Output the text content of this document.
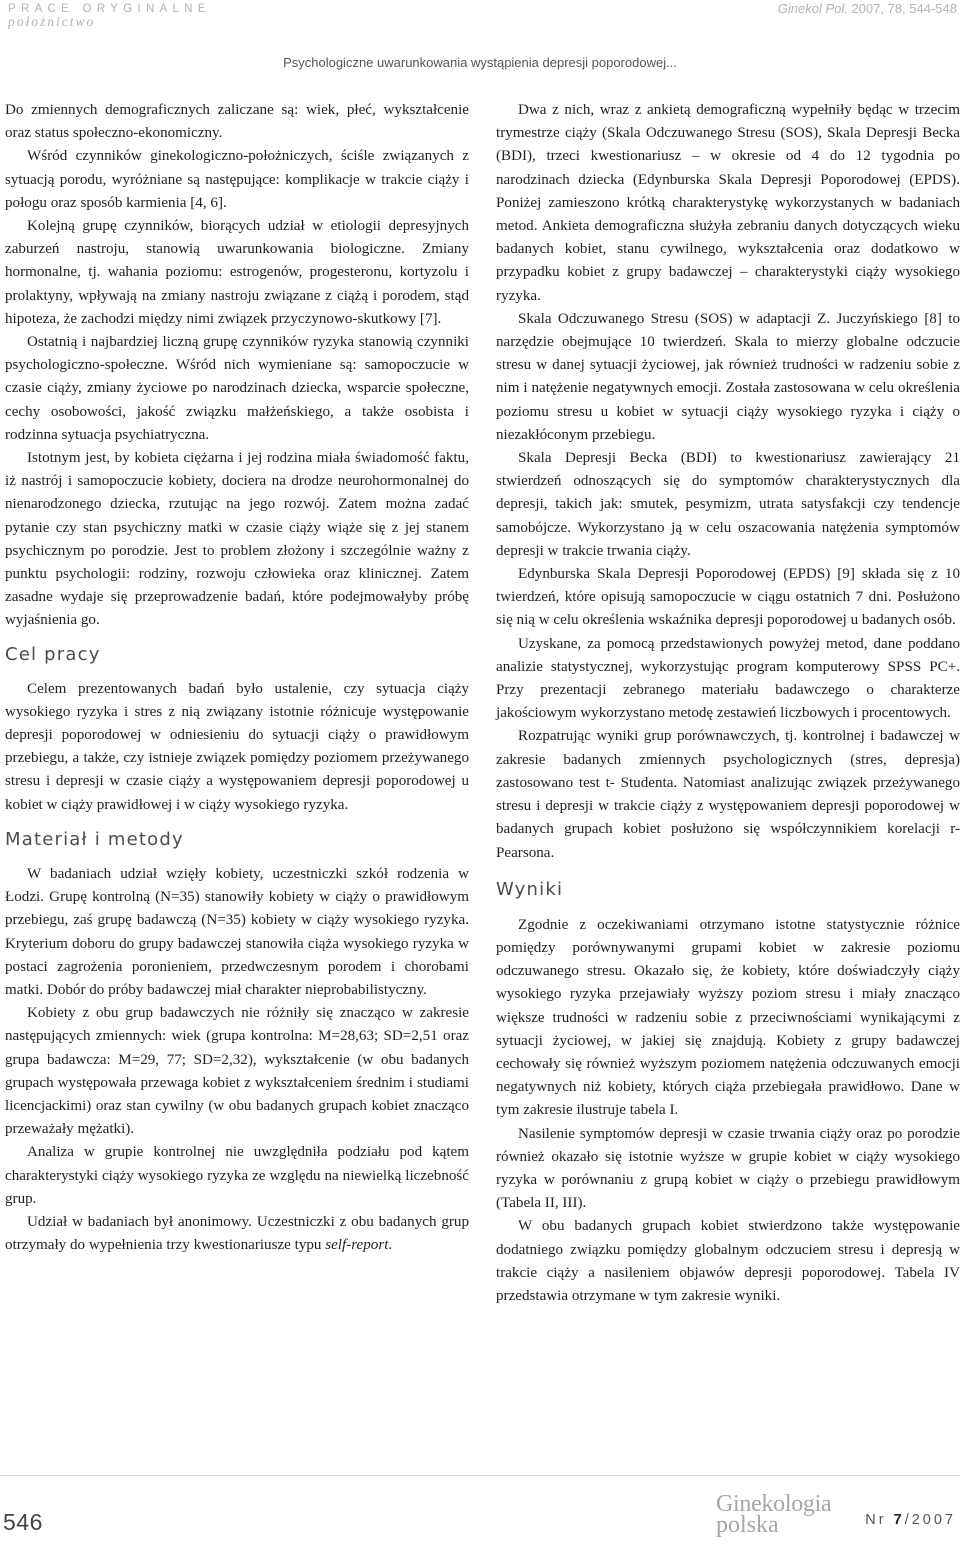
PRACE ORYGINALNE

położnictwo

Ginekol Pol. 2007, 78, 544-548

Psychologiczne uwarunkowania wystąpienia depresji poporodowej...

Do zmiennych demograficznych zaliczane są: wiek, płeć, wykształcenie oraz status społeczno-ekonomiczny.

Wśród czynników ginekologiczno-położniczych, ściśle związanych z sytuacją porodu, wyróżniane są następujące: komplikacje w trakcie ciąży i połogu oraz sposób karmienia [4, 6].

Kolejną grupę czynników, biorących udział w etiologii depresyjnych zaburzeń nastroju, stanowią uwarunkowania biologiczne. Zmiany hormonalne, tj. wahania poziomu: estrogenów, progesteronu, kortyzolu i prolaktyny, wpływają na zmiany nastroju związane z ciążą i porodem, stąd hipoteza, że zachodzi między nimi związek przyczynowo-skutkowy [7].

Ostatnią i najbardziej liczną grupę czynników ryzyka stanowią czynniki psychologiczno-społeczne. Wśród nich wymieniane są: samopoczucie w czasie ciąży, zmiany życiowe po narodzinach dziecka, wsparcie społeczne, cechy osobowości, jakość związku małżeńskiego, a także osobista i rodzinna sytuacja psychiatryczna.

Istotnym jest, by kobieta ciężarna i jej rodzina miała świadomość faktu, iż nastrój i samopoczucie kobiety, dociera na drodze neurohormonalnej do nienarodzonego dziecka, rzutując na jego rozwój. Zatem można zadać pytanie czy stan psychiczny matki w czasie ciąży wiąże się z jej stanem psychicznym po porodzie. Jest to problem złożony i szczególnie ważny z punktu psychologii: rodziny, rozwoju człowieka oraz klinicznej. Zatem zasadne wydaje się przeprowadzenie badań, które podejmowałyby próbę wyjaśnienia go.

Cel pracy

Celem prezentowanych badań było ustalenie, czy sytuacja ciąży wysokiego ryzyka i stres z nią związany istotnie różnicuje występowanie depresji poporodowej w odniesieniu do sytuacji ciąży o prawidłowym przebiegu, a także, czy istnieje związek pomiędzy poziomem przeżywanego stresu i depresji w czasie ciąży a występowaniem depresji poporodowej u kobiet w ciąży prawidłowej i w ciąży wysokiego ryzyka.

Materiał i metody

W badaniach udział wzięły kobiety, uczestniczki szkół rodzenia w Łodzi. Grupę kontrolną (N=35) stanowiły kobiety w ciąży o prawidłowym przebiegu, zaś grupę badawczą (N=35) kobiety w ciąży wysokiego ryzyka. Kryterium doboru do grupy badawczej stanowiła ciąża wysokiego ryzyka w postaci zagrożenia poronieniem, przedwczesnym porodem i chorobami matki. Dobór do próby badawczej miał charakter nieprobabilistyczny.

Kobiety z obu grup badawczych nie różniły się znacząco w zakresie następujących zmiennych: wiek (grupa kontrolna: M=28,63; SD=2,51 oraz grupa badawcza: M=29, 77; SD=2,32), wykształcenie (w obu badanych grupach występowała przewaga kobiet z wykształceniem średnim i studiami licencjackimi) oraz stan cywilny (w obu badanych grupach kobiet znacząco przeważały mężatki).

Analiza w grupie kontrolnej nie uwzględniła podziału pod kątem charakterystyki ciąży wysokiego ryzyka ze względu na niewielką liczebność grup.

Udział w badaniach był anonimowy. Uczestniczki z obu badanych grup otrzymały do wypełnienia trzy kwestionariusze typu self-report.

Dwa z nich, wraz z ankietą demograficzną wypełniły będąc w trzecim trymestrze ciąży (Skala Odczuwanego Stresu (SOS), Skala Depresji Becka (BDI), trzeci kwestionariusz – w okresie od 4 do 12 tygodnia po narodzinach dziecka (Edynburska Skala Depresji Poporodowej (EPDS). Poniżej zamieszono krótką charakterystykę wykorzystanych w badaniach metod. Ankieta demograficzna służyła zebraniu danych dotyczących wieku badanych kobiet, stanu cywilnego, wykształcenia oraz dodatkowo w przypadku kobiet z grupy badawczej – charakterystyki ciąży wysokiego ryzyka.

Skala Odczuwanego Stresu (SOS) w adaptacji Z. Juczyńskiego [8] to narzędzie obejmujące 10 twierdzeń. Skala to mierzy globalne odczucie stresu w danej sytuacji życiowej, jak również trudności w radzeniu sobie z nim i natężenie negatywnych emocji. Została zastosowana w celu określenia poziomu stresu u kobiet w sytuacji ciąży wysokiego ryzyka i ciąży o niezakłóconym przebiegu.

Skala Depresji Becka (BDI) to kwestionariusz zawierający 21 stwierdzeń odnoszących się do symptomów charakterystycznych dla depresji, takich jak: smutek, pesymizm, utrata satysfakcji czy tendencje samobójcze. Wykorzystano ją w celu oszacowania natężenia symptomów depresji w trakcie trwania ciąży.

Edynburska Skala Depresji Poporodowej (EPDS) [9] składa się z 10 twierdzeń, które opisują samopoczucie w ciągu ostatnich 7 dni. Posłużono się nią w celu określenia wskaźnika depresji poporodowej u badanych osób.

Uzyskane, za pomocą przedstawionych powyżej metod, dane poddano analizie statystycznej, wykorzystując program komputerowy SPSS PC+. Przy prezentacji zebranego materiału badawczego o charakterze jakościowym wykorzystano metodę zestawień liczbowych i procentowych.

Rozpatrując wyniki grup porównawczych, tj. kontrolnej i badawczej w zakresie badanych zmiennych psychologicznych (stres, depresja) zastosowano test t- Studenta. Natomiast analizując związek przeżywanego stresu i depresji w trakcie ciąży z występowaniem depresji poporodowej w badanych grupach kobiet posłużono się współczynnikiem korelacji r-Pearsona.

Wyniki

Zgodnie z oczekiwaniami otrzymano istotne statystycznie różnice pomiędzy porównywanymi grupami kobiet w zakresie poziomu odczuwanego stresu. Okazało się, że kobiety, które doświadczyły ciąży wysokiego ryzyka przejawiały wyższy poziom stresu i miały znacząco większe trudności w radzeniu sobie z przeciwnościami wynikającymi z sytuacji życiowej, w jakiej się znajdują. Kobiety z grupy badawczej cechowały się również wyższym poziomem natężenia odczuwanych emocji negatywnych niż kobiety, których ciąża przebiegała prawidłowo. Dane w tym zakresie ilustruje tabela I.

Nasilenie symptomów depresji w czasie trwania ciąży oraz po porodzie również okazało się istotnie wyższe w grupie kobiet w ciąży wysokiego ryzyka w porównaniu z grupą kobiet w ciąży o przebiegu prawidłowym (Tabela II, III).

W obu badanych grupach kobiet stwierdzono także występowanie dodatniego związku pomiędzy globalnym odczuciem stresu i depresją w trakcie ciąży a nasileniem objawów depresji poporodowej. Tabela IV przedstawia otrzymane w tym zakresie wyniki.

546

Ginekologia
polska	Nr 7/2007
